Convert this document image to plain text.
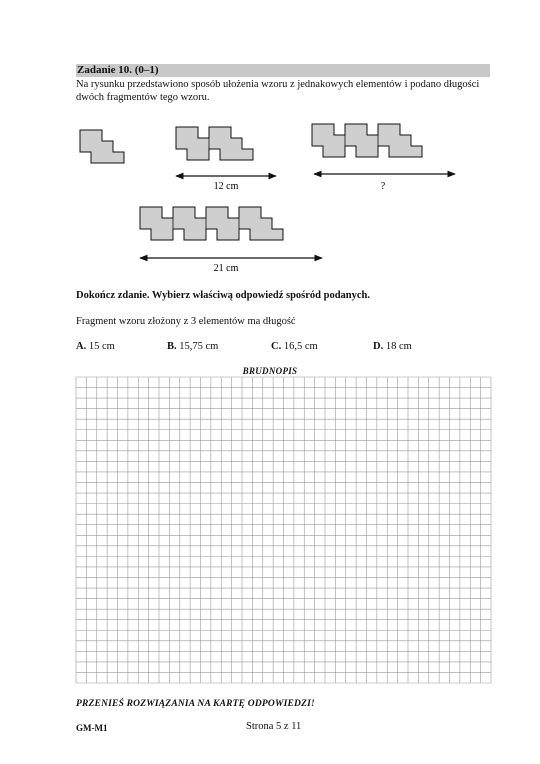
Zadanie 10. (0–1)
Na rysunku przedstawiono sposób ułożenia wzoru z jednakowych elementów i podano długości dwóch fragmentów tego wzoru.
12 cm	?
21 cm
Dokończ zdanie. Wybierz właściwą odpowiedź spośród podanych.
Fragment wzoru złożony z 3 elementów ma długość
A. 15 cm	B. 15,75 cm	C. 16,5 cm	D. 18 cm
BRUDNOPIS
PRZENIEŚ ROZWIĄZANIA NA KARTĘ ODPOWIEDZI!
GM-M1	Strona 5 z 11
